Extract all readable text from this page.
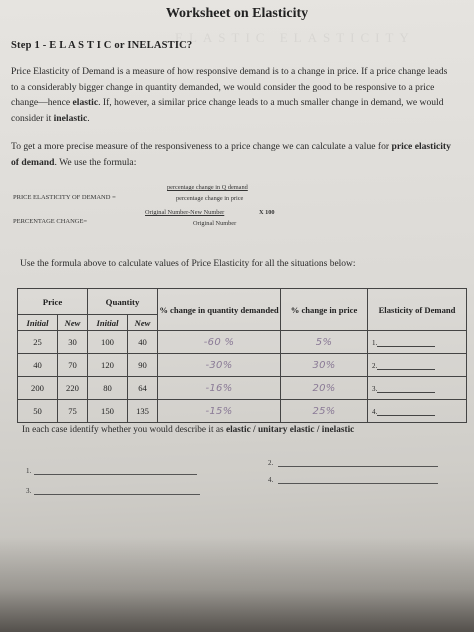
ELASTIC ELASTICITY
Worksheet on Elasticity
Step 1 - E L A S T I C or INELASTIC?
Price Elasticity of Demand is a measure of how responsive demand is to a change in price. If a price change leads to a considerably bigger change in quantity demanded, we would consider the good to be responsive to a price change—hence elastic. If, however, a similar price change leads to a much smaller change in demand, we would consider it inelastic.
To get a more precise measure of the responsiveness to a price change we can calculate a value for price elasticity of demand. We use the formula:
PRICE ELASTICITY OF DEMAND =
percentage change in Q demand
percentage change in price
PERCENTAGE CHANGE=
Original Number-New Number	X 100
Original Number
Use the formula above to calculate values of Price Elasticity for all the situations below:
Price		Quantity		% change in quantity demanded	% change in price	Elasticity of Demand
Initial	New	Initial	New			
25	30	100	40	-60 %	5%	1.
40	70	120	90	-30%	30%	2.
200	220	80	64	-16%	20%	3.
50	75	150	135	-15%	25%	4.
In each case identify whether you would describe it as elastic / unitary elastic / inelastic
1.
3.
2.
4.
